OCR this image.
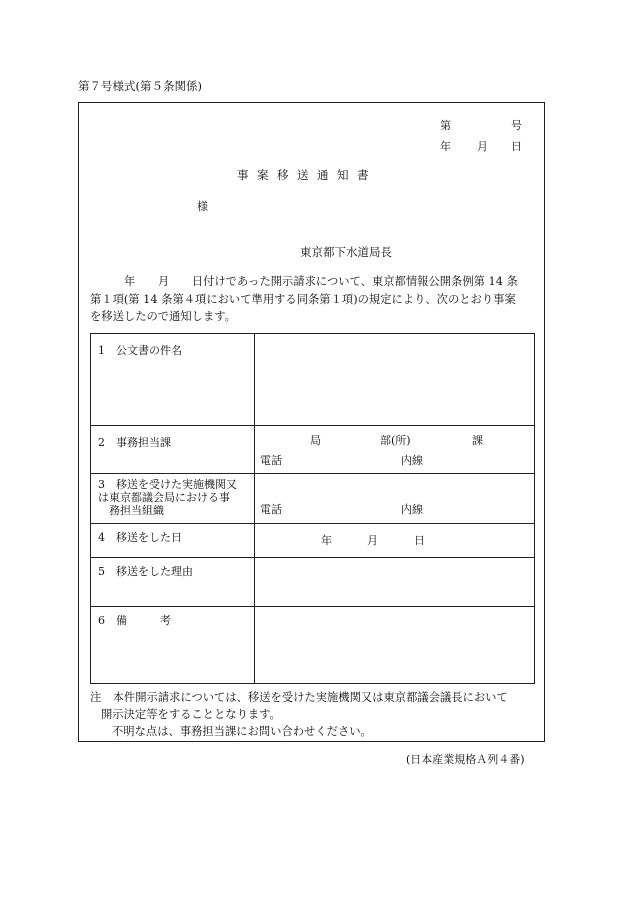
第７号様式(第５条関係)
第	号
年 月 日
事案移送通知書
様
東京都下水道局長
年　　月　　日付けであった開示請求について、東京都情報公開条例第 14 条
第１項(第 14 条第４項において準用する同条第１項)の規定により、次のとおり事案
を移送したので通知します。
1　公文書の件名
2　事務担当課	局	部(所)	課
電話	内線
3　移送を受けた実施機関又
は東京都議会局における事
務担当組織	電話	内線
4　移送をした日	年	月	日
5　移送をした理由
6　備　　　考
注　本件開示請求については、移送を受けた実施機関又は東京都議会議長において
開示決定等をすることとなります。
不明な点は、事務担当課にお問い合わせください。
(日本産業規格Ａ列４番)
